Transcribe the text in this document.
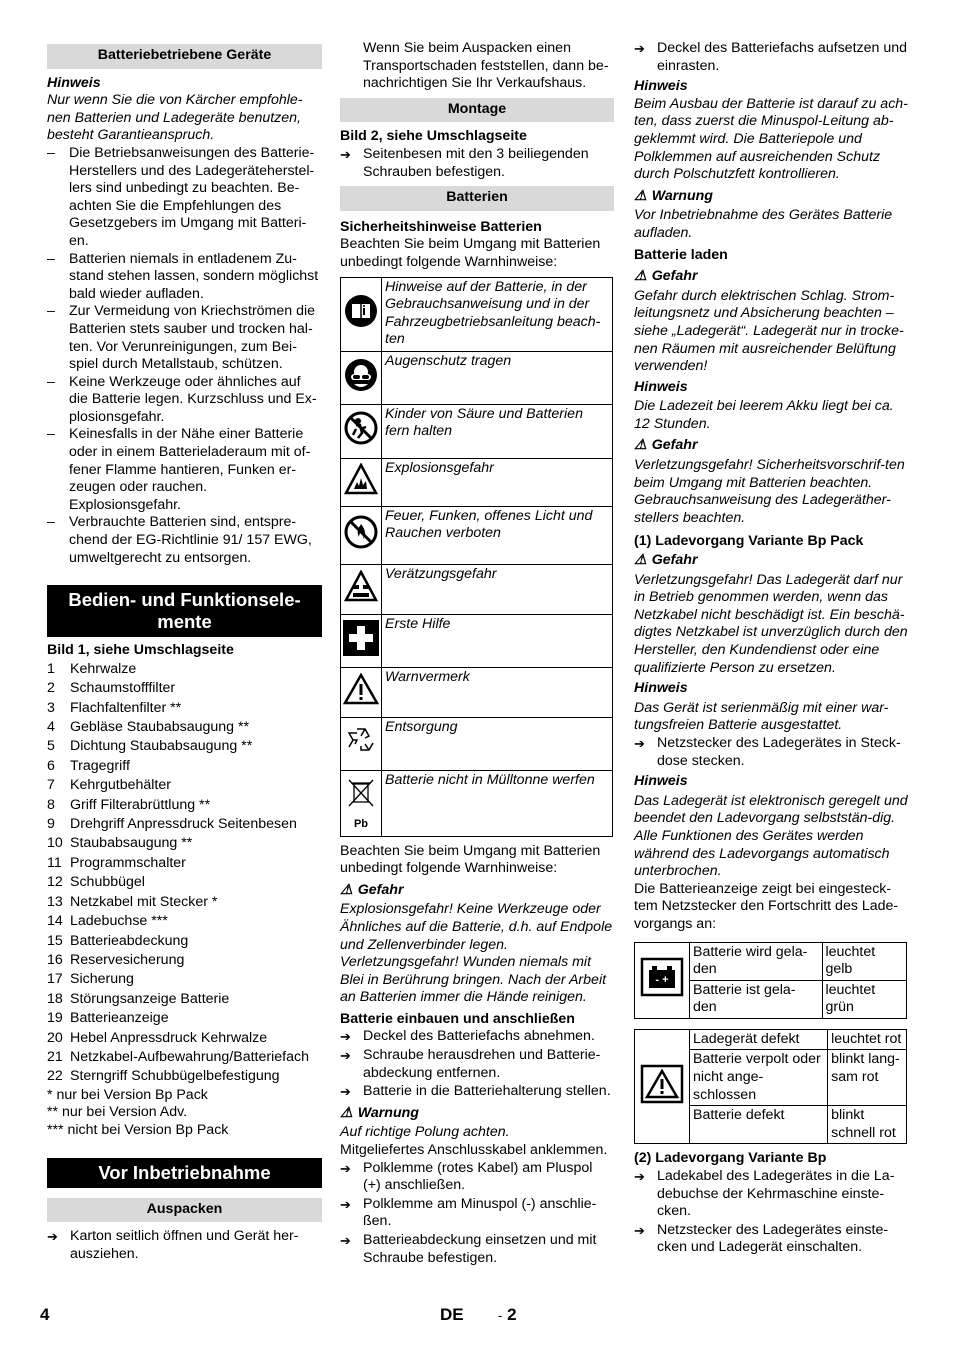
Batteriebetriebene Geräte
Hinweis
Nur wenn Sie die von Kärcher empfohle-nen Batterien und Ladegeräte benutzen, besteht Garantieanspruch.
– Die Betriebsanweisungen des Batterie-Herstellers und des Ladegeräteherstel-lers sind unbedingt zu beachten. Be-achten Sie die Empfehlungen des Gesetzgebers im Umgang mit Batteri-en.
– Batterien niemals in entladenem Zu-stand stehen lassen, sondern möglichst bald wieder aufladen.
– Zur Vermeidung von Kriechströmen die Batterien stets sauber und trocken hal-ten. Vor Verunreinigungen, zum Bei-spiel durch Metallstaub, schützen.
– Keine Werkzeuge oder ähnliches auf die Batterie legen. Kurzschluss und Ex-plosionsgefahr.
– Keinesfalls in der Nähe einer Batterie oder in einem Batterieladeraum mit of-fener Flamme hantieren, Funken er-zeugen oder rauchen. Explosionsgefahr.
– Verbrauchte Batterien sind, entspre-chend der EG-Richtlinie 91/ 157 EWG, umweltgerecht zu entsorgen.
Bedien- und Funktionsele-mente
Bild 1, siehe Umschlagseite
1	Kehrwalze
2	Schaumstofffilter
3	Flachfaltenfilter **
4	Gebläse Staubabsaugung **
5	Dichtung Staubabsaugung **
6	Tragegriff
7	Kehrgutbehälter
8	Griff Filterabrüttlung **
9	Drehgriff Anpressdruck Seitenbesen
10 Staubabsaugung **
11 Programmschalter
12 Schubbügel
13 Netzkabel mit Stecker *
14 Ladebuchse ***
15 Batterieabdeckung
16 Reservesicherung
17 Sicherung
18 Störungsanzeige Batterie
19 Batterieanzeige
20 Hebel Anpressdruck Kehrwalze
21 Netzkabel-Aufbewahrung/Batteriefach
22 Sterngriff Schubbügelbefestigung
* nur bei Version Bp Pack
** nur bei Version Adv.
*** nicht bei Version Bp Pack
Vor Inbetriebnahme
Auspacken
➔ Karton seitlich öffnen und Gerät her-ausziehen.
Wenn Sie beim Auspacken einen Transportschaden feststellen, dann be-nachrichtigen Sie Ihr Verkaufshaus.
Montage
Bild 2, siehe Umschlagseite
➔ Seitenbesen mit den 3 beiliegenden Schrauben befestigen.
Batterien
Sicherheitshinweise Batterien
Beachten Sie beim Umgang mit Batterien unbedingt folgende Warnhinweise:
	Hinweise auf der Batterie, in der Gebrauchsanweisung und in der Fahrzeugbetriebsanleitung beach-ten
	Augenschutz tragen
	Kinder von Säure und Batterien fern halten
	Explosionsgefahr
	Feuer, Funken, offenes Licht und Rauchen verboten
	Verätzungsgefahr
	Erste Hilfe
	Warnvermerk
	Entsorgung

Pb	Batterie nicht in Mülltonne werfen
Beachten Sie beim Umgang mit Batterien unbedingt folgende Warnhinweise:
⚠ Gefahr
Explosionsgefahr! Keine Werkzeuge oder Ähnliches auf die Batterie, d.h. auf Endpole und Zellenverbinder legen.
Verletzungsgefahr! Wunden niemals mit Blei in Berührung bringen. Nach der Arbeit an Batterien immer die Hände reinigen.
Batterie einbauen und anschließen
➔ Deckel des Batteriefachs abnehmen.
➔ Schraube herausdrehen und Batterie-abdeckung entfernen.
➔ Batterie in die Batteriehalterung stellen.
⚠ Warnung
Auf richtige Polung achten.
Mitgeliefertes Anschlusskabel anklemmen.
➔ Polklemme (rotes Kabel) am Pluspol (+) anschließen.
➔ Polklemme am Minuspol (-) anschlie-ßen.
➔ Batterieabdeckung einsetzen und mit Schraube befestigen.
➔ Deckel des Batteriefachs aufsetzen und einrasten.
Hinweis
Beim Ausbau der Batterie ist darauf zu ach-ten, dass zuerst die Minuspol-Leitung ab-geklemmt wird. Die Batteriepole und Polklemmen auf ausreichenden Schutz durch Polschutzfett kontrollieren.
⚠ Warnung
Vor Inbetriebnahme des Gerätes Batterie aufladen.
Batterie laden
⚠ Gefahr
Gefahr durch elektrischen Schlag. Strom-leitungsnetz und Absicherung beachten – siehe „Ladegerät“. Ladegerät nur in trocke-nen Räumen mit ausreichender Belüftung verwenden!
Hinweis
Die Ladezeit bei leerem Akku liegt bei ca. 12 Stunden.
⚠ Gefahr
Verletzungsgefahr! Sicherheitsvorschrif-ten beim Umgang mit Batterien beachten. Gebrauchsanweisung des Ladegeräther-stellers beachten.
(1) Ladevorgang Variante Bp Pack
⚠ Gefahr
Verletzungsgefahr! Das Ladegerät darf nur in Betrieb genommen werden, wenn das Netzkabel nicht beschädigt ist. Ein beschä-digtes Netzkabel ist unverzüglich durch den Hersteller, den Kundendienst oder eine qualifizierte Person zu ersetzen.
Hinweis
Das Gerät ist serienmäßig mit einer war-tungsfreien Batterie ausgestattet.
➔ Netzstecker des Ladegerätes in Steck-dose stecken.
Hinweis
Das Ladegerät ist elektronisch geregelt und beendet den Ladevorgang selbststän-dig. Alle Funktionen des Gerätes werden während des Ladevorgangs automatisch unterbrochen.
Die Batterieanzeige zeigt bei eingesteck-tem Netzstecker den Fortschritt des Lade-vorgangs an:
- +	Batterie wird gela-den	leuchtet gelb
	Batterie ist gela-den	leuchtet grün
	Ladegerät defekt	leuchtet rot
	Batterie verpolt oder nicht ange-schlossen	blinkt lang-sam rot
	Batterie defekt	blinkt schnell rot
(2) Ladevorgang Variante Bp
➔ Ladekabel des Ladegerätes in die La-debuchse der Kehrmaschine einste-cken.
➔ Netzstecker des Ladegerätes einste-cken und Ladegerät einschalten.
4	DE	- 2
